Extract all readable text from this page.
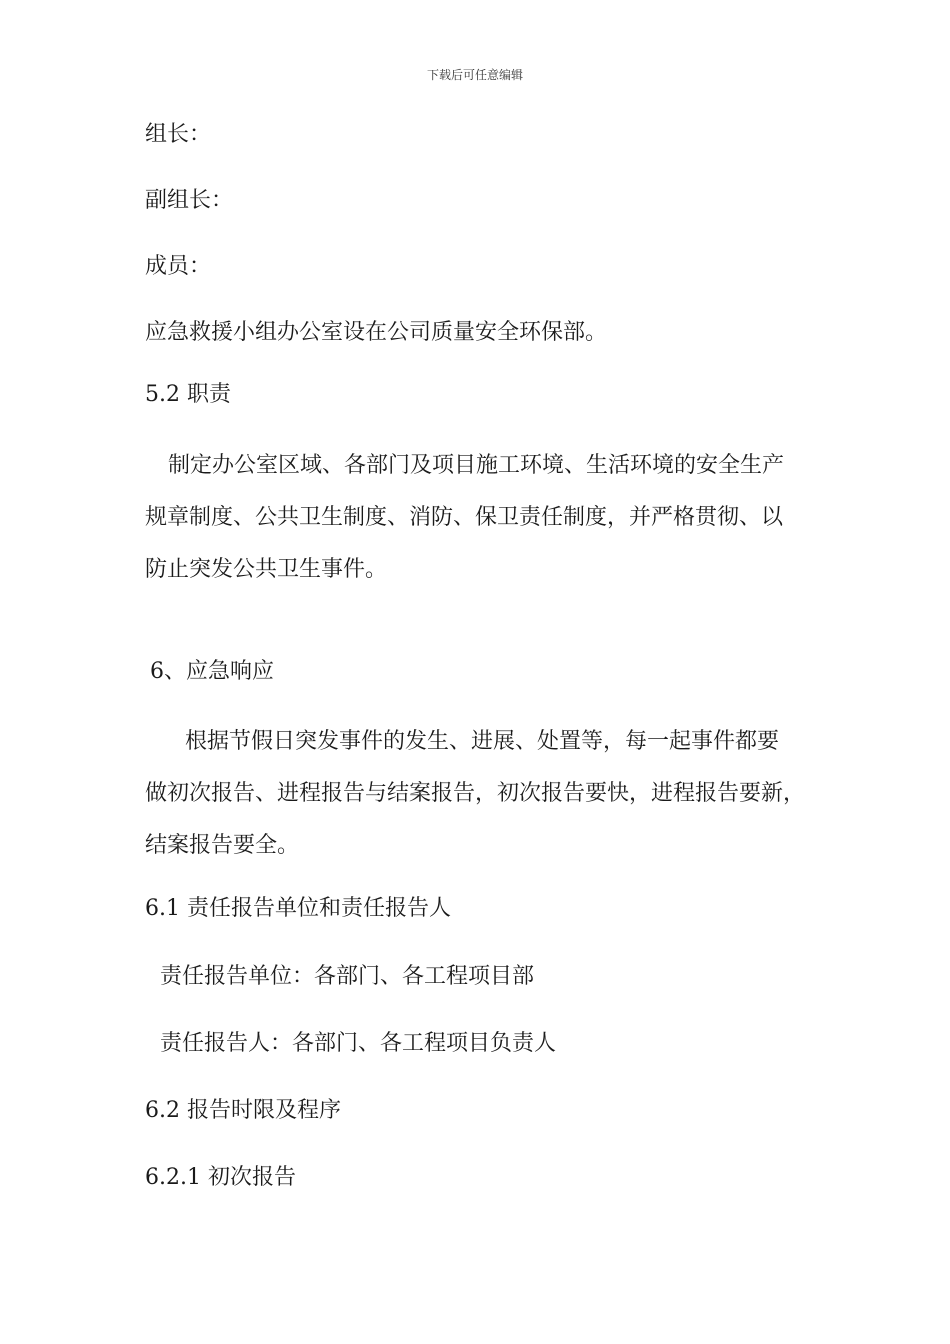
下载后可任意编辑
组长：
副组长：
成员：
应急救援小组办公室设在公司质量安全环保部。
5.2 职责
制定办公室区域、各部门及项目施工环境、生活环境的安全生产
规章制度、公共卫生制度、消防、保卫责任制度，并严格贯彻、以
防止突发公共卫生事件。
6、应急响应
根据节假日突发事件的发生、进展、处置等，每一起事件都要
做初次报告、进程报告与结案报告，初次报告要快，进程报告要新，
结案报告要全。
6.1 责任报告单位和责任报告人
责任报告单位：各部门、各工程项目部
责任报告人：各部门、各工程项目负责人
6.2 报告时限及程序
6.2.1 初次报告
